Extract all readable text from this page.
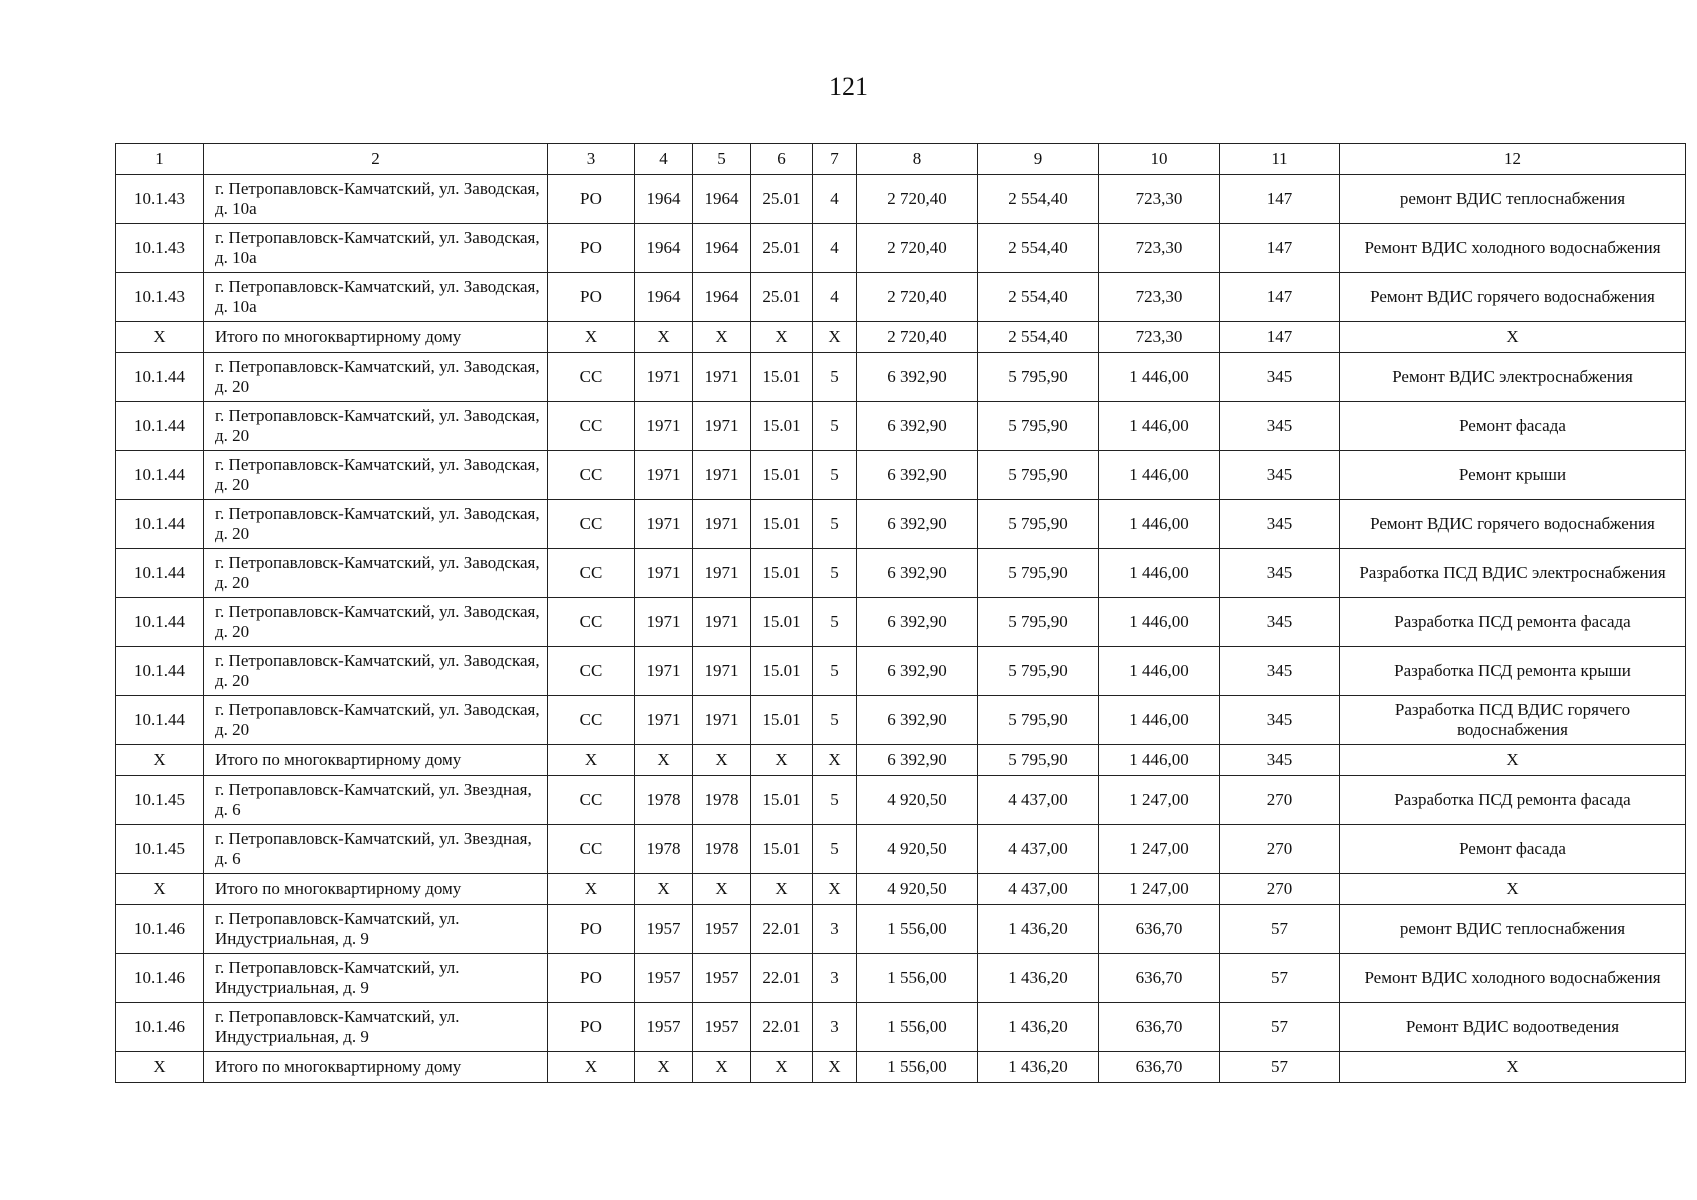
121
1	2	3	4	5	6	7	8	9	10	11	12
10.1.43	г. Петропавловск-Камчатский, ул. Заводская, д. 10а	РО	1964	1964	25.01	4	2 720,40	2 554,40	723,30	147	ремонт ВДИС теплоснабжения
10.1.43	г. Петропавловск-Камчатский, ул. Заводская, д. 10а	РО	1964	1964	25.01	4	2 720,40	2 554,40	723,30	147	Ремонт ВДИС холодного водоснабжения
10.1.43	г. Петропавловск-Камчатский, ул. Заводская, д. 10а	РО	1964	1964	25.01	4	2 720,40	2 554,40	723,30	147	Ремонт ВДИС горячего водоснабжения
X	Итого по многоквартирному дому	X	X	X	X	X	2 720,40	2 554,40	723,30	147	X
10.1.44	г. Петропавловск-Камчатский, ул. Заводская, д. 20	СС	1971	1971	15.01	5	6 392,90	5 795,90	1 446,00	345	Ремонт ВДИС электроснабжения
10.1.44	г. Петропавловск-Камчатский, ул. Заводская, д. 20	СС	1971	1971	15.01	5	6 392,90	5 795,90	1 446,00	345	Ремонт фасада
10.1.44	г. Петропавловск-Камчатский, ул. Заводская, д. 20	СС	1971	1971	15.01	5	6 392,90	5 795,90	1 446,00	345	Ремонт крыши
10.1.44	г. Петропавловск-Камчатский, ул. Заводская, д. 20	СС	1971	1971	15.01	5	6 392,90	5 795,90	1 446,00	345	Ремонт ВДИС горячего водоснабжения
10.1.44	г. Петропавловск-Камчатский, ул. Заводская, д. 20	СС	1971	1971	15.01	5	6 392,90	5 795,90	1 446,00	345	Разработка ПСД ВДИС электроснабжения
10.1.44	г. Петропавловск-Камчатский, ул. Заводская, д. 20	СС	1971	1971	15.01	5	6 392,90	5 795,90	1 446,00	345	Разработка ПСД ремонта фасада
10.1.44	г. Петропавловск-Камчатский, ул. Заводская, д. 20	СС	1971	1971	15.01	5	6 392,90	5 795,90	1 446,00	345	Разработка ПСД ремонта крыши
10.1.44	г. Петропавловск-Камчатский, ул. Заводская, д. 20	СС	1971	1971	15.01	5	6 392,90	5 795,90	1 446,00	345	Разработка ПСД ВДИС горячего водоснабжения
X	Итого по многоквартирному дому	X	X	X	X	X	6 392,90	5 795,90	1 446,00	345	X
10.1.45	г. Петропавловск-Камчатский, ул. Звездная, д. 6	СС	1978	1978	15.01	5	4 920,50	4 437,00	1 247,00	270	Разработка ПСД ремонта фасада
10.1.45	г. Петропавловск-Камчатский, ул. Звездная, д. 6	СС	1978	1978	15.01	5	4 920,50	4 437,00	1 247,00	270	Ремонт фасада
X	Итого по многоквартирному дому	X	X	X	X	X	4 920,50	4 437,00	1 247,00	270	X
10.1.46	г. Петропавловск-Камчатский, ул. Индустриальная, д. 9	РО	1957	1957	22.01	3	1 556,00	1 436,20	636,70	57	ремонт ВДИС теплоснабжения
10.1.46	г. Петропавловск-Камчатский, ул. Индустриальная, д. 9	РО	1957	1957	22.01	3	1 556,00	1 436,20	636,70	57	Ремонт ВДИС холодного водоснабжения
10.1.46	г. Петропавловск-Камчатский, ул. Индустриальная, д. 9	РО	1957	1957	22.01	3	1 556,00	1 436,20	636,70	57	Ремонт ВДИС водоотведения
X	Итого по многоквартирному дому	X	X	X	X	X	1 556,00	1 436,20	636,70	57	X
